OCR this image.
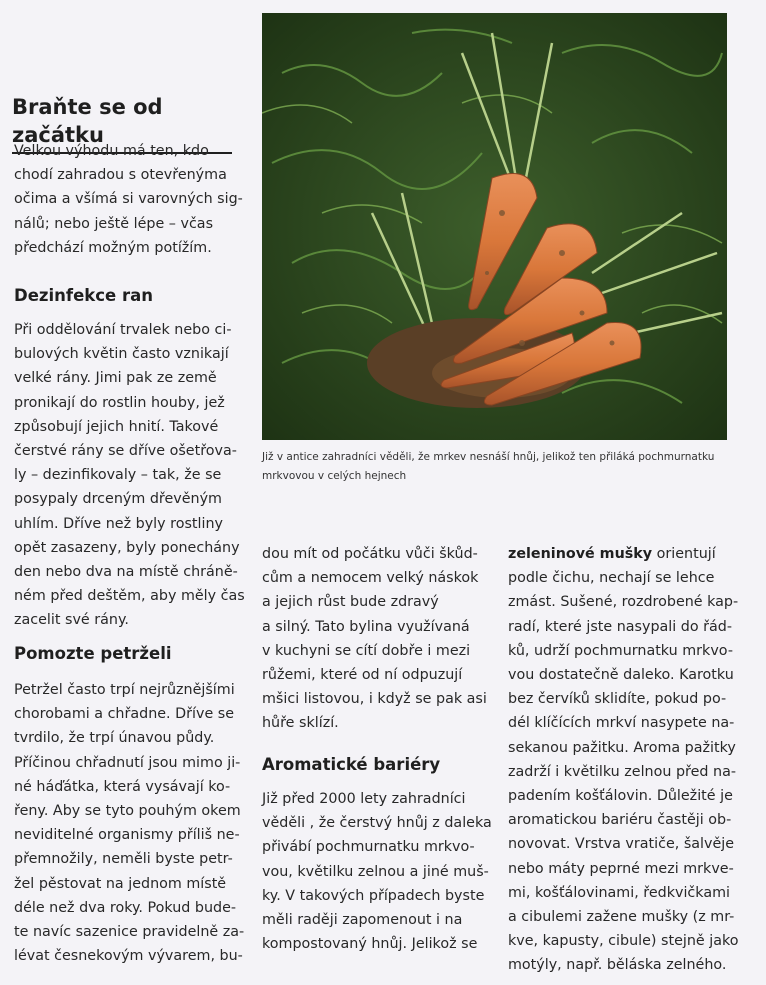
Braňte se od začátku

Velkou výhodu má ten, kdo
chodí zahradou s otevřenýma
očima a všímá si varovných sig-
nálů; nebo ještě lépe – včas
předchází možným potížím.

Dezinfekce ran

Při oddělování trvalek nebo ci-
bulových květin často vznikají
velké rány. Jimi pak ze země
pronikají do rostlin houby, jež
způsobují jejich hnití. Takové
čerstvé rány se dříve ošetřova-
ly – dezinfikovaly – tak, že se
posypaly drceným dřevěným
uhlím. Dříve než byly rostliny
opět zasazeny, byly ponechány
den nebo dva na místě chráně-
ném před deštěm, aby měly čas
zacelit své rány.

Pomozte petrželi

Petržel často trpí nejrůznějšími
chorobami a chřadne. Dříve se
tvrdilo, že trpí únavou půdy.
Příčinou chřadnutí jsou mimo ji-
né háďátka, která vysávají ko-
řeny. Aby se tyto pouhým okem
neviditelné organismy příliš ne-
přemnožily, neměli byste petr-
žel pěstovat na jednom místě
déle než dva roky. Pokud bude-
te navíc sazenice pravidelně za-
lévat česnekovým vývarem, bu-

Již v antice zahradníci věděli, že mrkev nesnáší hnůj, jelikož ten přiláká pochmurnatku
mrkvovou v celých hejnech

dou mít od počátku vůči škůd-
cům a nemocem velký náskok
a jejich růst bude zdravý
a silný. Tato bylina využívaná
v kuchyni se cítí dobře i mezi
růžemi, které od ní odpuzují
mšici listovou, i když se pak asi
hůře sklízí.

Aromatické bariéry

Již před 2000 lety zahradníci
věděli , že čerstvý hnůj z daleka
přivábí pochmurnatku mrkvo-
vou, květilku zelnou a jiné muš-
ky. V takových případech byste
měli raději zapomenout i na
kompostovaný hnůj. Jelikož se

zeleninové mušky orientují
podle čichu, nechají se lehce
zmást. Sušené, rozdrobené kap-
radí, které jste nasypali do řád-
ků, udrží pochmurnatku mrkvo-
vou dostatečně daleko. Karotku
bez červíků sklidíte, pokud po-
dél klíčících mrkví nasypete na-
sekanou pažitku. Aroma pažitky
zadrží i květilku zelnou před na-
padením košťálovin. Důležité je
aromatickou bariéru častěji ob-
novovat. Vrstva vratiče, šalvěje
nebo máty peprné mezi mrkve-
mi, košťálovinami, ředkvičkami
a cibulemi zažene mušky (z mr-
kve, kapusty, cibule) stejně jako
motýly, např. běláska zelného.
